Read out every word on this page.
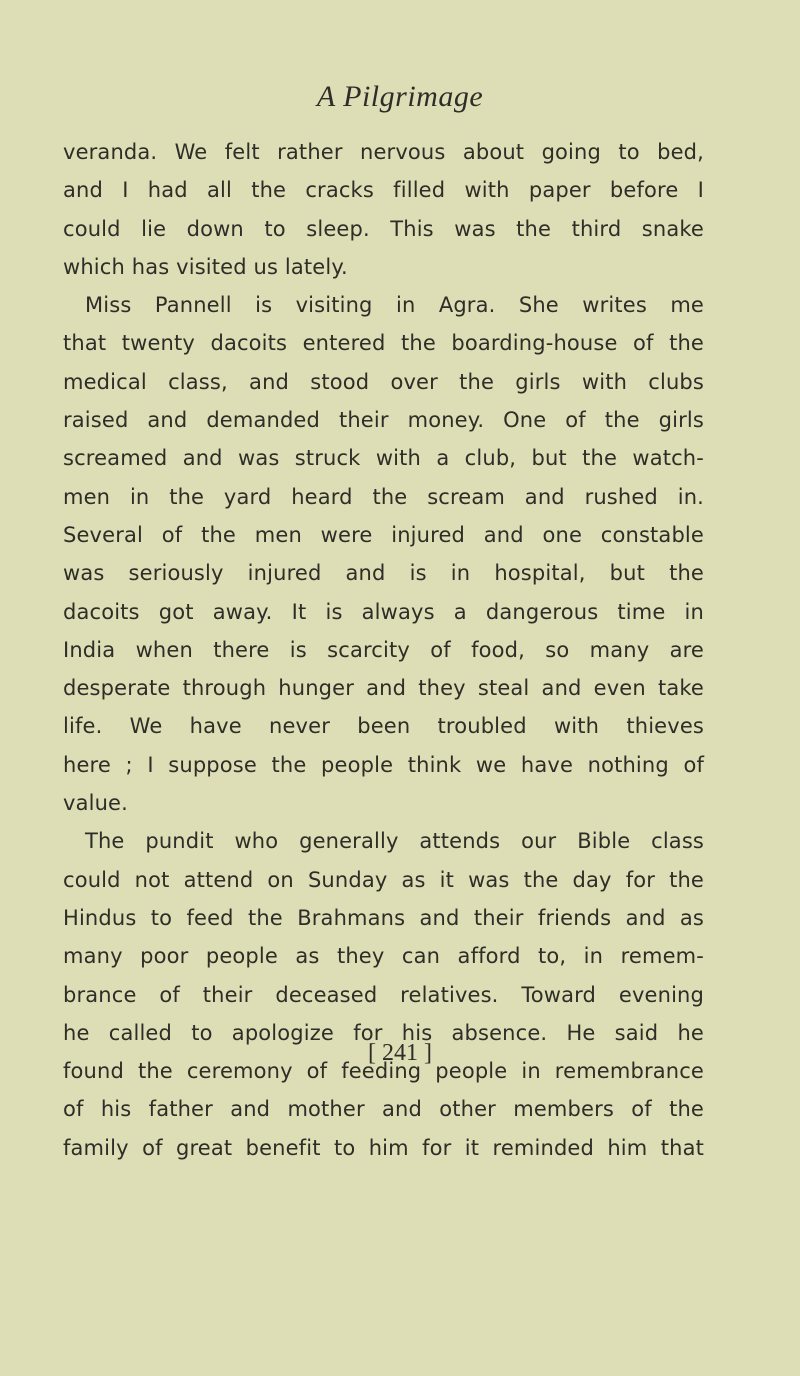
A Pilgrimage
veranda. We felt rather nervous about going to bed,
and I had all the cracks filled with paper before I
could lie down to sleep. This was the third snake
which has visited us lately.
Miss Pannell is visiting in Agra. She writes me
that twenty dacoits entered the boarding-house of the
medical class, and stood over the girls with clubs
raised and demanded their money. One of the girls
screamed and was struck with a club, but the watch-
men in the yard heard the scream and rushed in.
Several of the men were injured and one constable
was seriously injured and is in hospital, but the
dacoits got away. It is always a dangerous time in
India when there is scarcity of food, so many are
desperate through hunger and they steal and even take
life. We have never been troubled with thieves
here ; I suppose the people think we have nothing of
value.
The pundit who generally attends our Bible class
could not attend on Sunday as it was the day for the
Hindus to feed the Brahmans and their friends and as
many poor people as they can afford to, in remem-
brance of their deceased relatives. Toward evening
he called to apologize for his absence. He said he
found the ceremony of feeding people in remembrance
of his father and mother and other members of the
family of great benefit to him for it reminded him that
[ 241 ]
